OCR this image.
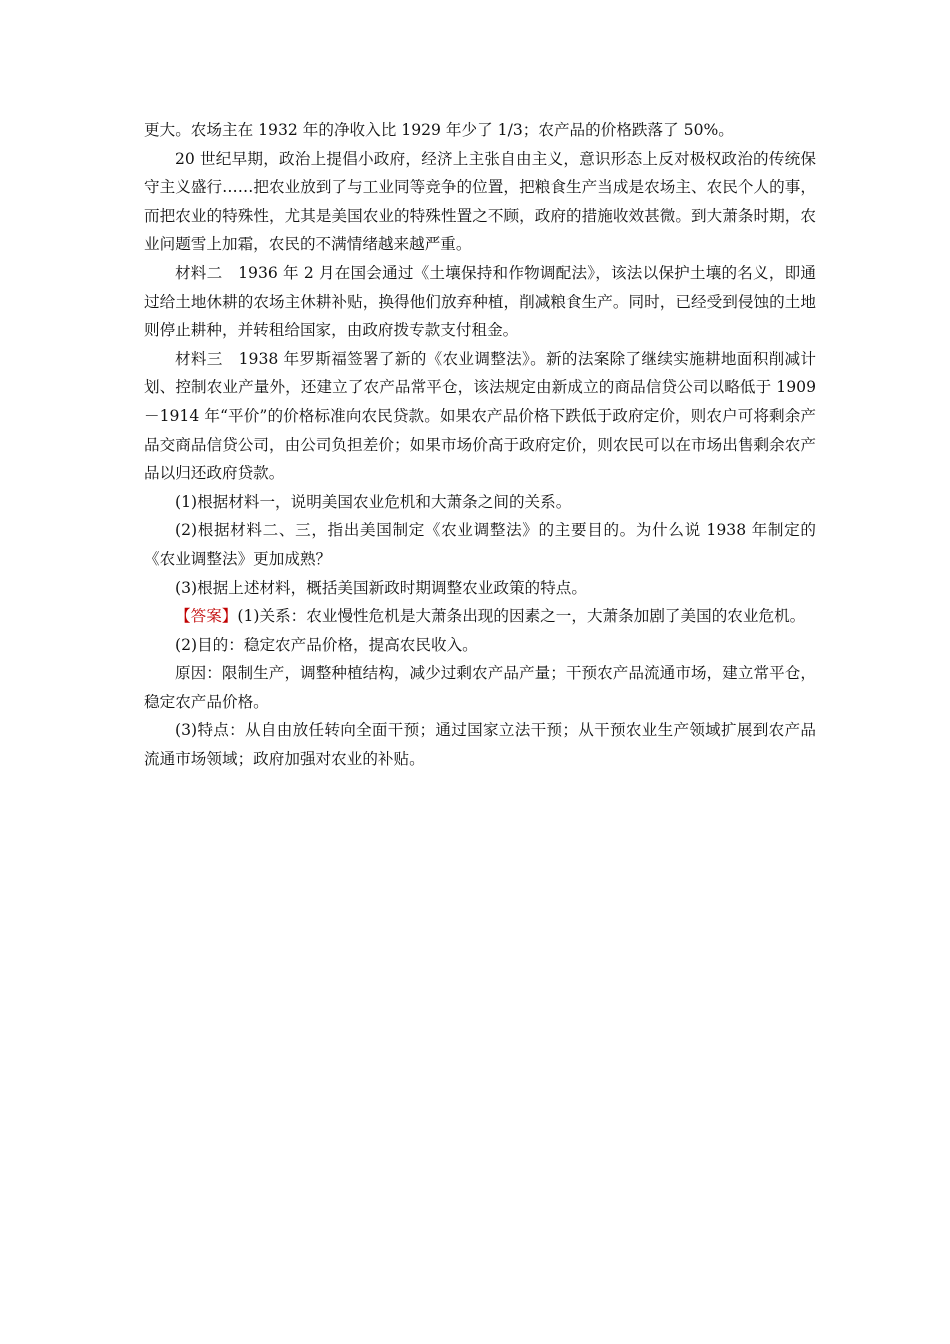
更大。农场主在 1932 年的净收入比 1929 年少了 1/3；农产品的价格跌落了 50%。

20 世纪早期，政治上提倡小政府，经济上主张自由主义，意识形态上反对极权政治的传统保守主义盛行……把农业放到了与工业同等竞争的位置，把粮食生产当成是农场主、农民个人的事，而把农业的特殊性，尤其是美国农业的特殊性置之不顾，政府的措施收效甚微。到大萧条时期，农业问题雪上加霜，农民的不满情绪越来越严重。

材料二　1936 年 2 月在国会通过《土壤保持和作物调配法》，该法以保护土壤的名义，即通过给土地休耕的农场主休耕补贴，换得他们放弃种植，削减粮食生产。同时，已经受到侵蚀的土地则停止耕种，并转租给国家，由政府拨专款支付租金。

材料三　1938 年罗斯福签署了新的《农业调整法》。新的法案除了继续实施耕地面积削减计划、控制农业产量外，还建立了农产品常平仓，该法规定由新成立的商品信贷公司以略低于 1909－1914 年“平价”的价格标准向农民贷款。如果农产品价格下跌低于政府定价，则农户可将剩余产品交商品信贷公司，由公司负担差价；如果市场价高于政府定价，则农民可以在市场出售剩余农产品以归还政府贷款。

(1)根据材料一，说明美国农业危机和大萧条之间的关系。

(2)根据材料二、三，指出美国制定《农业调整法》的主要目的。为什么说 1938 年制定的《农业调整法》更加成熟？

(3)根据上述材料，概括美国新政时期调整农业政策的特点。

【答案】(1)关系：农业慢性危机是大萧条出现的因素之一，大萧条加剧了美国的农业危机。

(2)目的：稳定农产品价格，提高农民收入。

原因：限制生产，调整种植结构，减少过剩农产品产量；干预农产品流通市场，建立常平仓，稳定农产品价格。

(3)特点：从自由放任转向全面干预；通过国家立法干预；从干预农业生产领域扩展到农产品流通市场领域；政府加强对农业的补贴。
